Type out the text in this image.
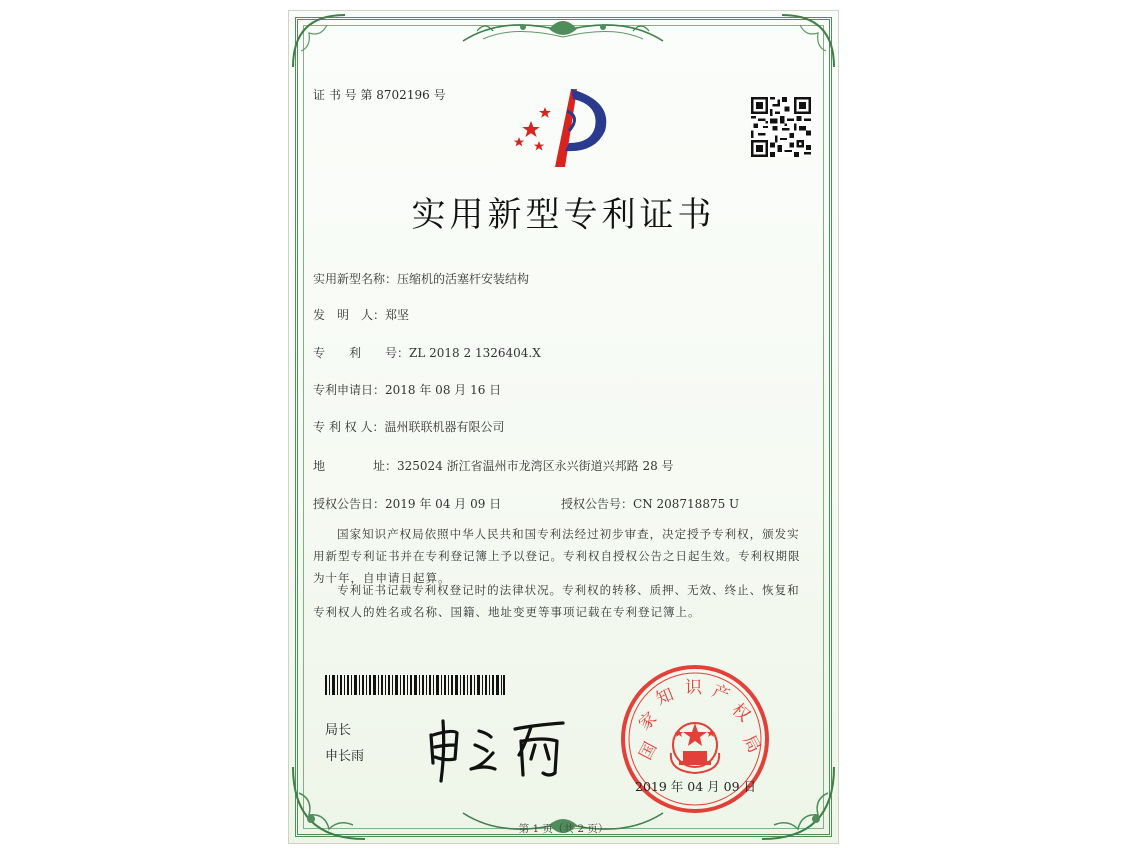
证 书 号 第 8702196 号
实用新型专利证书
实用新型名称：压缩机的活塞杆安装结构
发　明　人：郑坚
专　　利　　号：ZL 2018 2 1326404.X
专利申请日：2018 年 08 月 16 日
专 利 权 人：温州联联机器有限公司
地　　　　址：325024 浙江省温州市龙湾区永兴街道兴邦路 28 号
授权公告日：2019 年 04 月 09 日	授权公告号：CN 208718875 U

国家知识产权局依照中华人民共和国专利法经过初步审查，决定授予专利权，颁发实用新型专利证书并在专利登记簿上予以登记。专利权自授权公告之日起生效。专利权期限为十年，自申请日起算。

专利证书记载专利权登记时的法律状况。专利权的转移、质押、无效、终止、恢复和专利权人的姓名或名称、国籍、地址变更等事项记载在专利登记簿上。

局长
申长雨	国
家
知 识 产
权
局
2019 年 04 月 09 日
第 1 页（共 2 页）
